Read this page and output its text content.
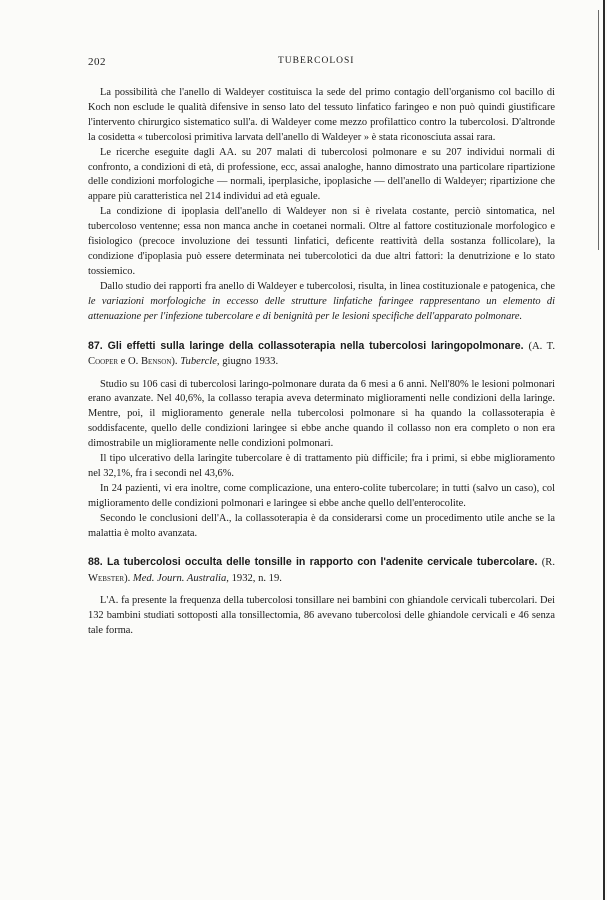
202	TUBERCOLOSI

La possibilità che l'anello di Waldeyer costituisca la sede del primo contagio dell'organismo col bacillo di Koch non esclude le qualità difensive in senso lato del tessuto linfatico faringeo e non può quindi giustificare l'intervento chirurgico sistematico sull'a. di Waldeyer come mezzo profilattico contro la tubercolosi. D'altronde la cosidetta « tubercolosi primitiva larvata dell'anello di Waldeyer » è stata riconosciuta assai rara.

Le ricerche eseguite dagli AA. su 207 malati di tubercolosi polmonare e su 207 individui normali di confronto, a condizioni di età, di professione, ecc, assai analoghe, hanno dimostrato una particolare ripartizione delle condizioni morfologiche — normali, iperplasiche, ipoplasiche — dell'anello di Waldeyer; ripartizione che appare più caratteristica nel 214 individui ad età eguale.

La condizione di ipoplasia dell'anello di Waldeyer non si è rivelata costante, perciò sintomatica, nel tubercoloso ventenne; essa non manca anche in coetanei normali. Oltre al fattore costituzionale morfologico e fisiologico (precoce involuzione dei tessunti linfatici, deficente reattività della sostanza follicolare), la condizione d'ipoplasia può essere determinata nei tubercolotici da due altri fattori: la denutrizione e lo stato tossiemico.

Dallo studio dei rapporti fra anello di Waldeyer e tubercolosi, risulta, in linea costituzionale e patogenica, che le variazioni morfologiche in eccesso delle strutture linfatiche faringee rappresentano un elemento di attenuazione per l'infezione tubercolare e di benignità per le lesioni specifiche dell'apparato polmonare.

87. Gli effetti sulla laringe della collassoterapia nella tubercolosi laringopolmonare. (A. T. Cooper e O. Benson). Tubercle, giugno 1933.

Studio su 106 casi di tubercolosi laringo-polmonare durata da 6 mesi a 6 anni. Nell'80% le lesioni polmonari erano avanzate. Nel 40,6%, la collasso terapia aveva determinato miglioramenti nelle condizioni della laringe. Mentre, poi, il miglioramento generale nella tubercolosi polmonare si ha quando la collassoterapia è soddisfacente, quello delle condizioni laringee si ebbe anche quando il collasso non era completo o non era dimostrabile un miglioramente nelle condizioni polmonari.

Il tipo ulcerativo della laringite tubercolare è di trattamento più difficile; fra i primi, si ebbe miglioramento nel 32,1%, fra i secondi nel 43,6%.

In 24 pazienti, vi era inoltre, come complicazione, una entero-colite tubercolare; in tutti (salvo un caso), col miglioramento delle condizioni polmonari e laringee si ebbe anche quello dell'enterocolite.

Secondo le conclusioni dell'A., la collassoterapia è da considerarsi come un procedimento utile anche se la malattia è molto avanzata.

88. La tubercolosi occulta delle tonsille in rapporto con l'adenite cervicale tubercolare. (R. Webster). Med. Journ. Australia, 1932, n. 19.

L'A. fa presente la frequenza della tubercolosi tonsillare nei bambini con ghiandole cervicali tubercolari. Dei 132 bambini studiati sottoposti alla tonsillectomia, 86 avevano tubercolosi delle ghiandole cervicali e 46 senza tale forma.
